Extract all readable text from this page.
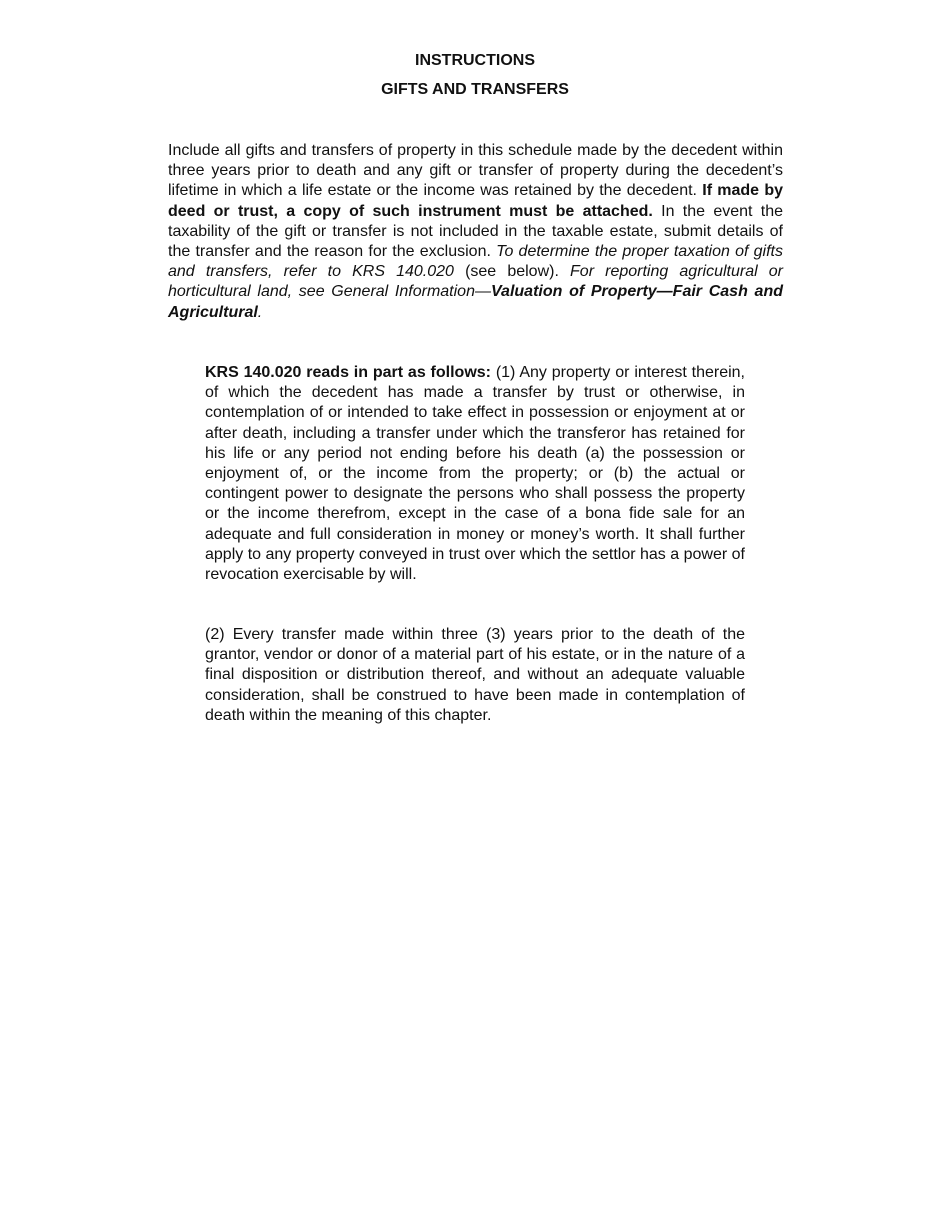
INSTRUCTIONS
GIFTS AND TRANSFERS

Include all gifts and transfers of property in this schedule made by the decedent within three years prior to death and any gift or transfer of property during the decedent’s lifetime in which a life estate or the income was retained by the decedent. If made by deed or trust, a copy of such instrument must be attached. In the event the taxability of the gift or transfer is not included in the taxable estate, submit details of the transfer and the reason for the exclusion. To determine the proper taxation of gifts and transfers, refer to KRS 140.020 (see below). For reporting agricultural or horticultural land, see General Information—Valuation of Property—Fair Cash and Agricultural.

KRS 140.020 reads in part as follows: (1) Any property or interest therein, of which the decedent has made a transfer by trust or otherwise, in contemplation of or intended to take effect in possession or enjoyment at or after death, including a transfer under which the transferor has retained for his life or any period not ending before his death (a) the possession or enjoyment of, or the income from the property; or (b) the actual or contingent power to designate the persons who shall possess the property or the income therefrom, except in the case of a bona fide sale for an adequate and full consideration in money or money’s worth. It shall further apply to any property conveyed in trust over which the settlor has a power of revocation exercisable by will.

(2) Every transfer made within three (3) years prior to the death of the grantor, vendor or donor of a material part of his estate, or in the nature of a final disposition or distribution thereof, and without an adequate valuable consideration, shall be construed to have been made in contemplation of death within the meaning of this chapter.
